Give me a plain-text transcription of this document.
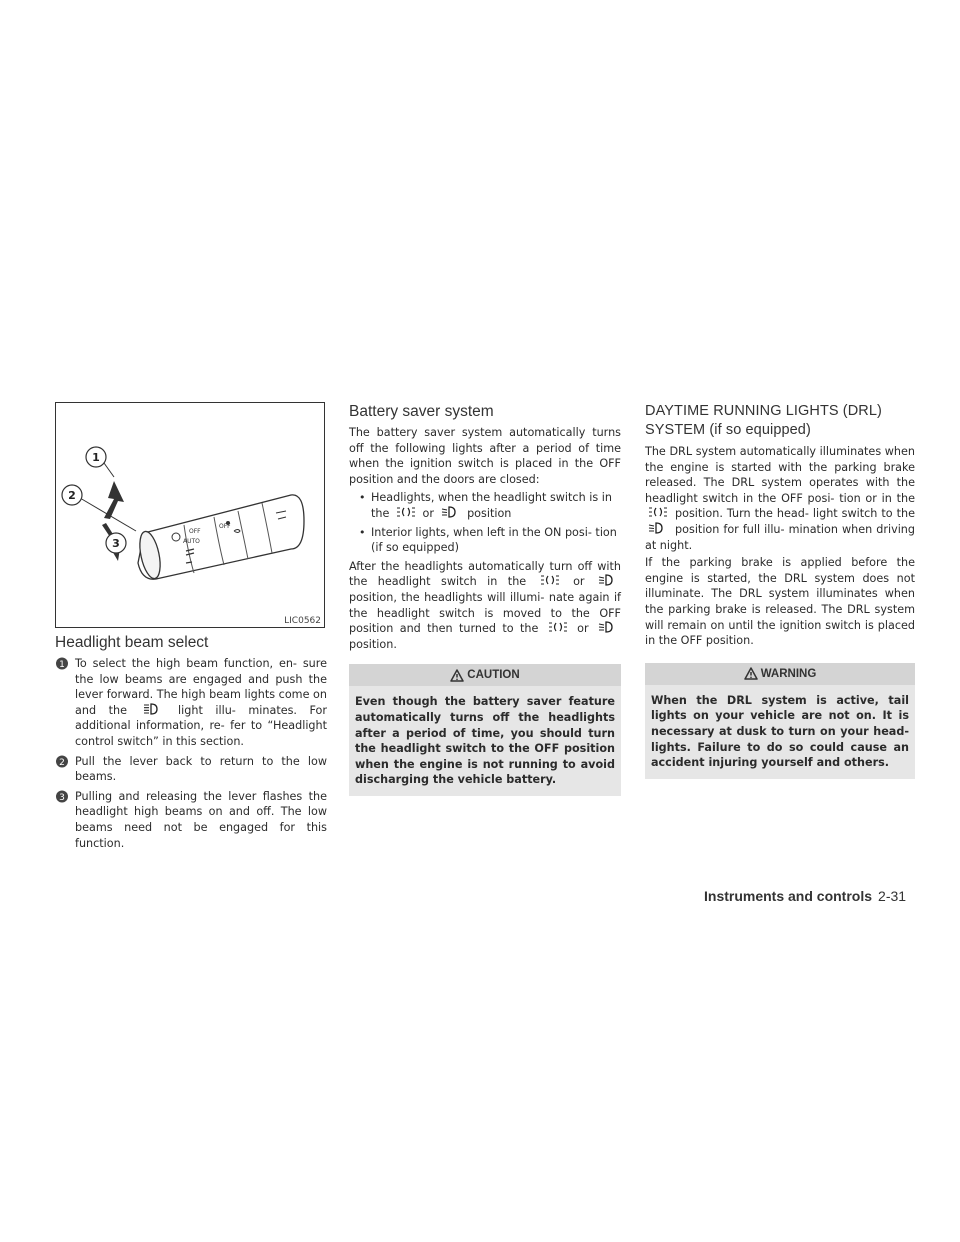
OFF
AUTO
OFF
1
2
3
LIC0562
Headlight beam select
1 To select the high beam function, en- sure the low beams are engaged and push the lever forward. The high beam lights come on and the	light illu- minates. For additional information, re- fer to “Headlight control switch” in this section.
2 Pull the lever back to return to the low beams.
3 Pulling and releasing the lever flashes the headlight high beams on and off. The low beams need not be engaged for this function.
Battery saver system

The battery saver system automatically turns off the following lights after a period of time when the ignition switch is placed in the OFF position and the doors are closed:

• Headlights, when the headlight switch is in the	or	position
• Interior lights, when left in the ON posi- tion (if so equipped)

After the headlights automatically turn off with the headlight switch in the	or
position, the headlights will illumi- nate again if the headlight switch is moved to the OFF position and then turned to the	or
position.

CAUTION
Even though the battery saver feature automatically turns off the headlights after a period of time, you should turn the headlight switch to the OFF position when the engine is not running to avoid discharging the vehicle battery.
DAYTIME RUNNING LIGHTS (DRL)
SYSTEM (if so equipped)

The DRL system automatically illuminates when the engine is started with the parking brake released. The DRL system operates with the headlight switch in the OFF posi- tion or in the
position. Turn the head- light switch to the
position for full illu- mination when driving at night.

If the parking brake is applied before the engine is started, the DRL system does not illuminate. The DRL system illuminates when the parking brake is released. The DRL system will remain on until the ignition switch is placed in the OFF position.

WARNING
When the DRL system is active, tail lights on your vehicle are not on. It is necessary at dusk to turn on your head- lights. Failure to do so could cause an accident injuring yourself and others.
Instruments and controls 2-31
